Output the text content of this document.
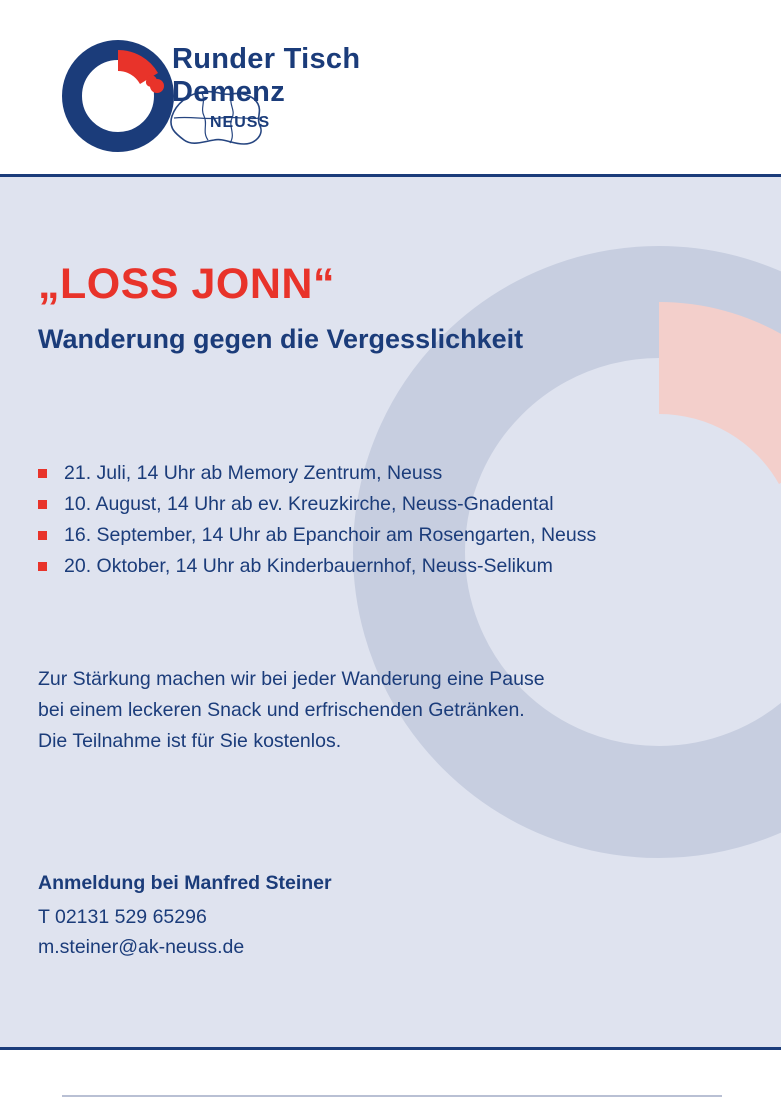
Runder Tisch
Demenz
NEUSS
„LOSS JONN“
Wanderung gegen die Vergesslichkeit
21. Juli, 14 Uhr ab Memory Zentrum, Neuss
10. August, 14 Uhr ab ev. Kreuzkirche, Neuss-Gnadental
16. September, 14 Uhr ab Epanchoir am Rosengarten, Neuss
20. Oktober, 14 Uhr ab Kinderbauernhof, Neuss-Selikum
Zur Stärkung machen wir bei jeder Wanderung eine Pause
bei einem leckeren Snack und erfrischenden Getränken.
Die Teilnahme ist für Sie kostenlos.
Anmeldung bei Manfred Steiner
T 02131 529 65296
m.steiner@ak-neuss.de
